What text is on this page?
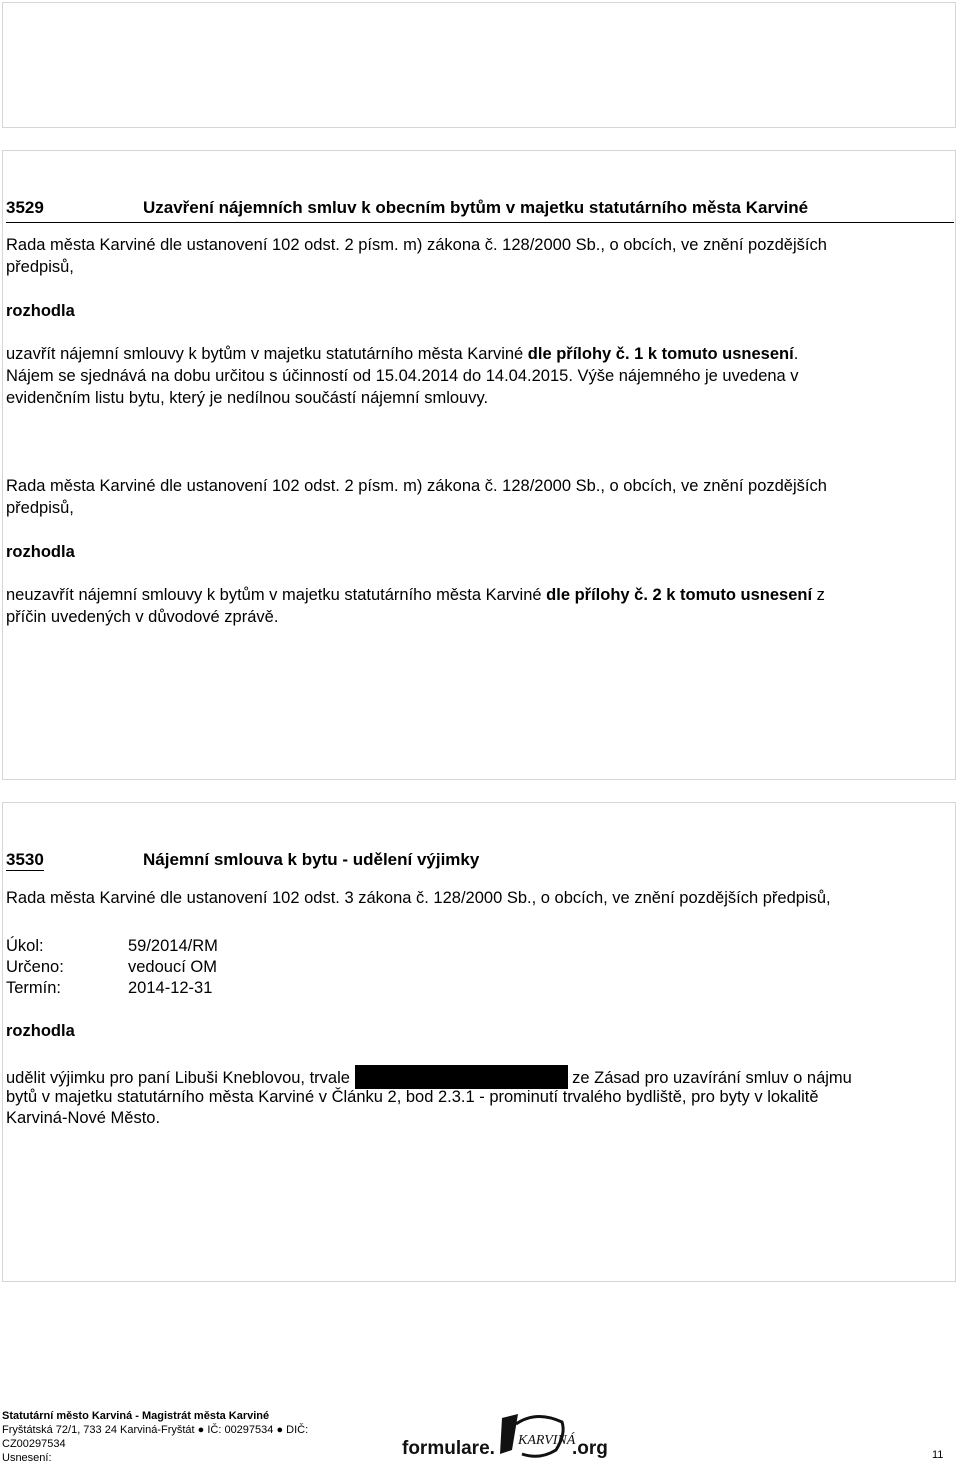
3529	Uzavření nájemních smluv k obecním bytům v majetku statutárního města Karviné
Rada města Karviné dle ustanovení 102 odst. 2 písm. m) zákona č. 128/2000 Sb., o obcích, ve znění pozdějších
předpisů,
rozhodla
uzavřít nájemní smlouvy k bytům v majetku statutárního města Karviné dle přílohy č. 1 k tomuto usnesení.
Nájem se sjednává na dobu určitou s účinností od 15.04.2014 do 14.04.2015. Výše nájemného je uvedena v
evidenčním listu bytu, který je nedílnou součástí nájemní smlouvy.
Rada města Karviné dle ustanovení 102 odst. 2 písm. m) zákona č. 128/2000 Sb., o obcích, ve znění pozdějších
předpisů,
rozhodla
neuzavřít nájemní smlouvy k bytům v majetku statutárního města Karviné dle přílohy č. 2 k tomuto usnesení z
příčin uvedených v důvodové zprávě.
3530	Nájemní smlouva k bytu - udělení výjimky
Rada města Karviné dle ustanovení 102 odst. 3 zákona č. 128/2000 Sb., o obcích, ve znění pozdějších předpisů,
Úkol:	59/2014/RM
Určeno:	vedoucí OM
Termín:	2014-12-31
rozhodla
udělit výjimku pro paní Libuši Kneblovou, trvale	ze Zásad pro uzavírání smluv o nájmu
bytů v majetku statutárního města Karviné v Článku 2, bod 2.3.1 - prominutí trvalého bydliště, pro byty v lokalitě
Karviná-Nové Město.
Statutární město Karviná - Magistrát města Karviné
Fryštátská 72/1, 733 24 Karviná-Fryštát ● IČ: 00297534 ● DIČ:
CZ00297534
Usnesení:	formulare. KARVINÁ
.org	11
